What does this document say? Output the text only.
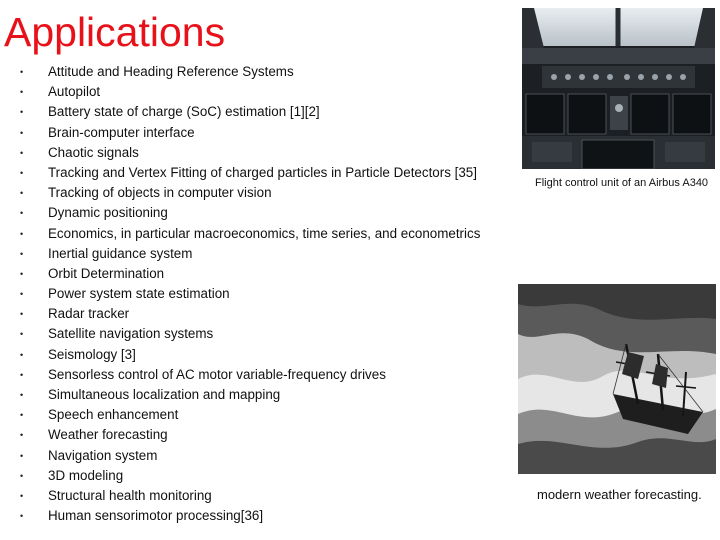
Applications
• Attitude and Heading Reference Systems
• Autopilot
• Battery state of charge (SoC) estimation [1][2]
• Brain-computer interface
• Chaotic signals
• Tracking and Vertex Fitting of charged particles in Particle Detectors [35]
• Tracking of objects in computer vision
• Dynamic positioning
• Economics, in particular macroeconomics, time series, and econometrics
• Inertial guidance system
• Orbit Determination
• Power system state estimation
• Radar tracker
• Satellite navigation systems
• Seismology [3]
• Sensorless control of AC motor variable-frequency drives
• Simultaneous localization and mapping
• Speech enhancement
• Weather forecasting
• Navigation system
• 3D modeling
• Structural health monitoring
• Human sensorimotor processing[36]
Flight control unit of an Airbus A340
modern weather forecasting.
